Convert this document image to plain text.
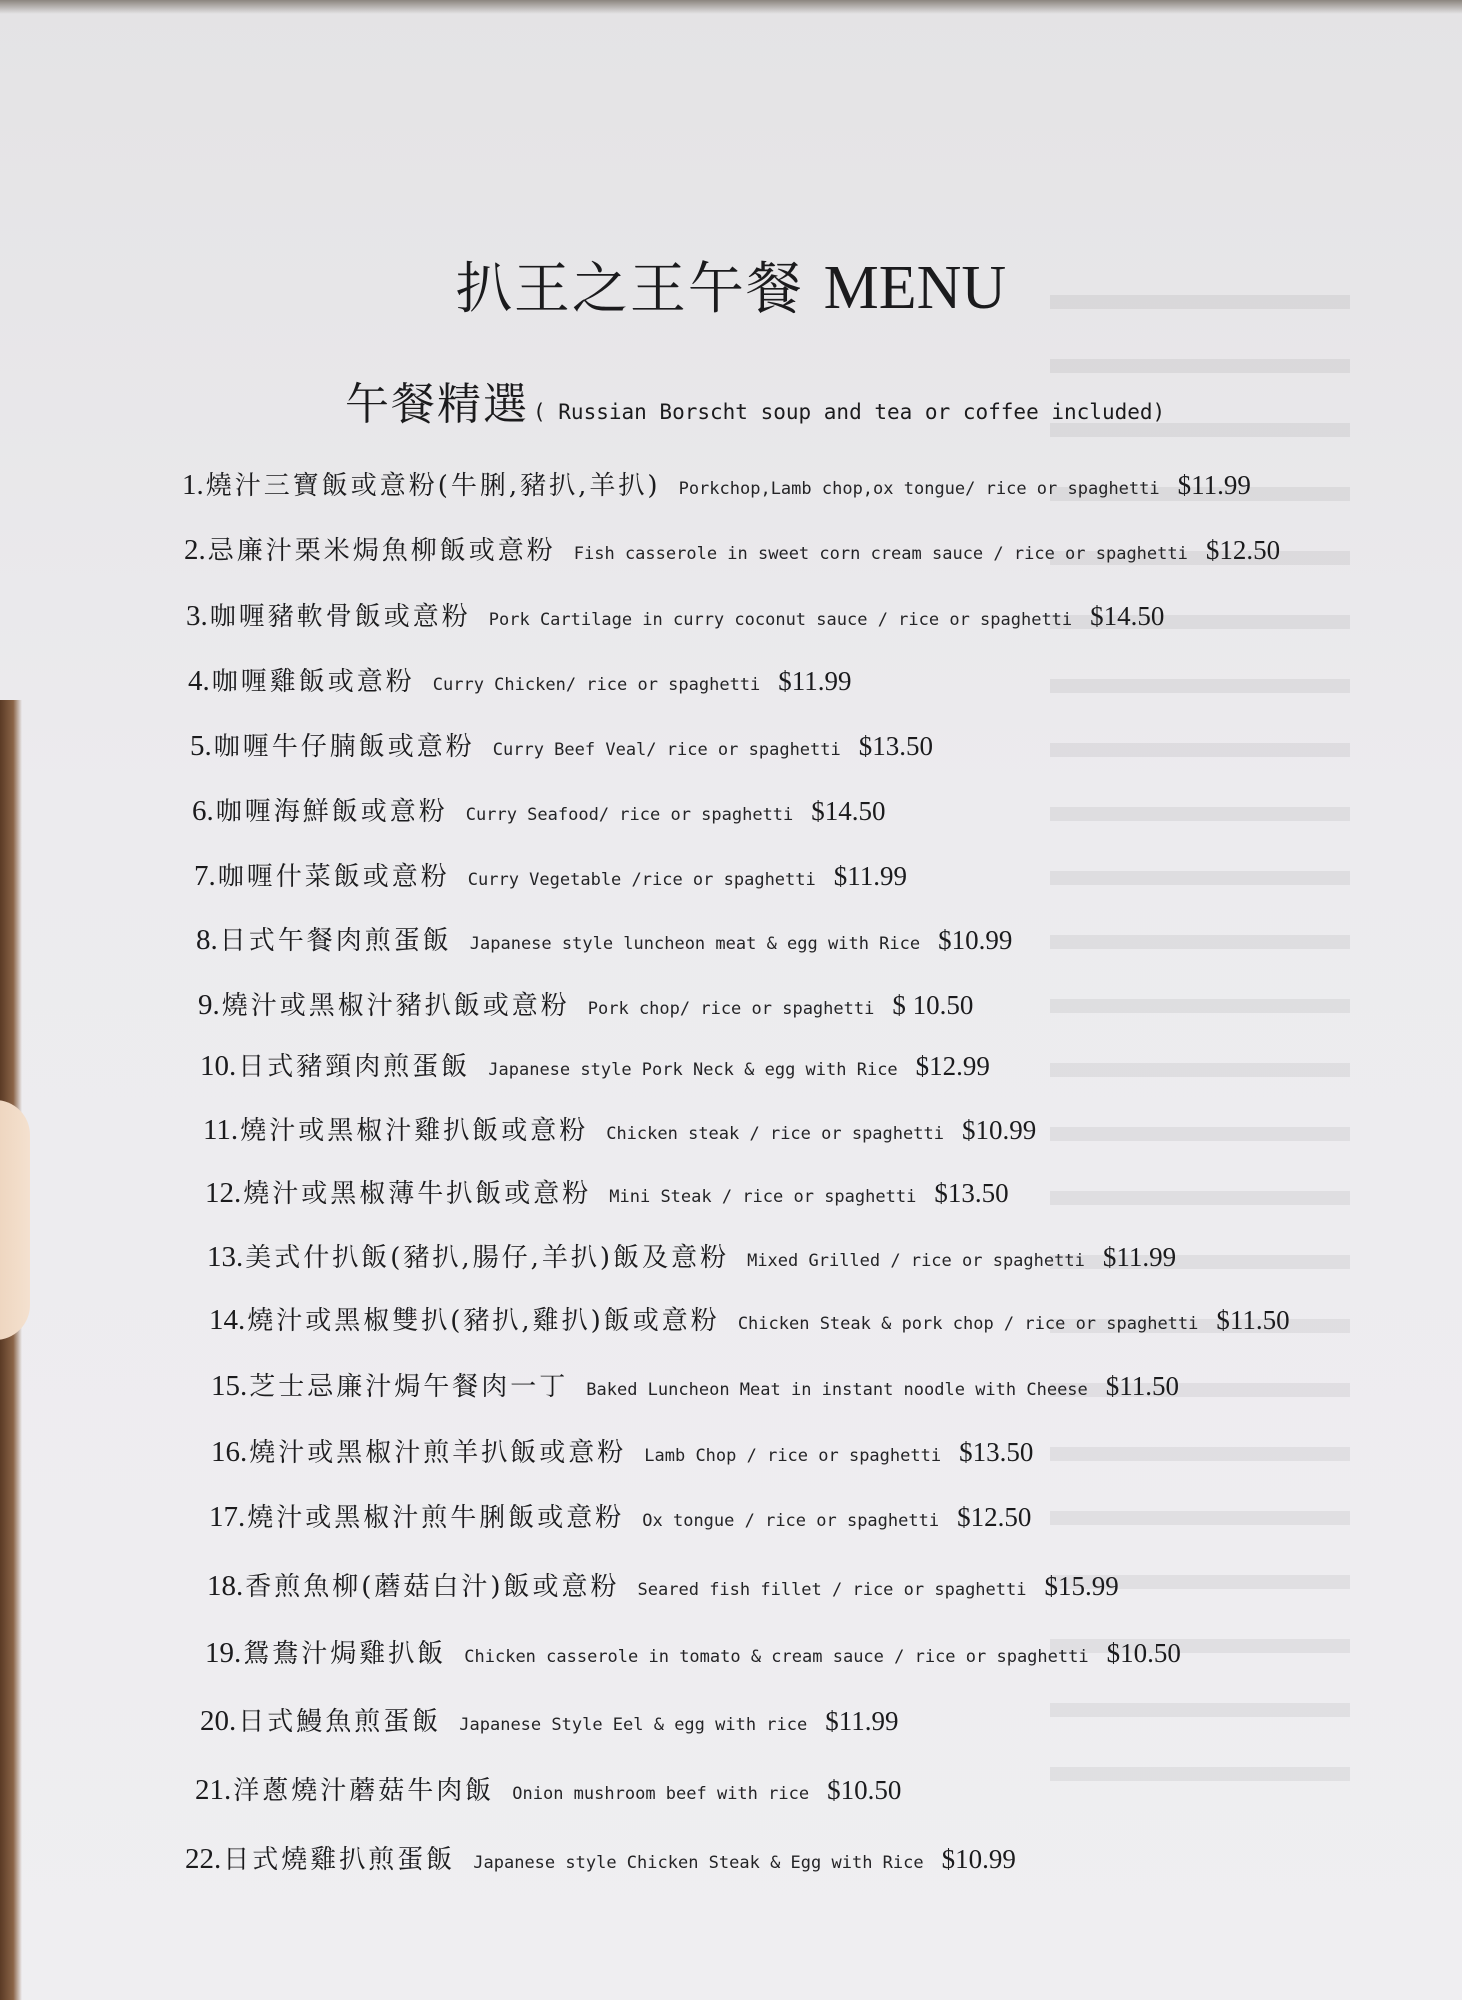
扒王之王午餐 MENU
午餐精選 ( Russian Borscht soup and tea or coffee included)
1. 燒汁三寶飯或意粉(牛脷,豬扒,羊扒) Porkchop,Lamb chop,ox tongue/ rice or spaghetti $11.99
2. 忌廉汁栗米焗魚柳飯或意粉 Fish casserole in sweet corn cream sauce / rice or spaghetti $12.50
3. 咖喱豬軟骨飯或意粉 Pork Cartilage in curry coconut sauce / rice or spaghetti $14.50
4. 咖喱雞飯或意粉 Curry Chicken/ rice or spaghetti $11.99
5. 咖喱牛仔腩飯或意粉 Curry Beef Veal/ rice or spaghetti $13.50
6. 咖喱海鮮飯或意粉 Curry Seafood/ rice or spaghetti $14.50
7. 咖喱什菜飯或意粉 Curry Vegetable /rice or spaghetti $11.99
8. 日式午餐肉煎蛋飯 Japanese style luncheon meat & egg with Rice $10.99
9. 燒汁或黑椒汁豬扒飯或意粉 Pork chop/ rice or spaghetti $ 10.50
10. 日式豬頸肉煎蛋飯 Japanese style Pork Neck & egg with Rice $12.99
11. 燒汁或黑椒汁雞扒飯或意粉 Chicken steak / rice or spaghetti $10.99
12. 燒汁或黑椒薄牛扒飯或意粉 Mini Steak / rice or spaghetti $13.50
13. 美式什扒飯(豬扒,腸仔,羊扒)飯及意粉 Mixed Grilled / rice or spaghetti $11.99
14. 燒汁或黑椒雙扒(豬扒,雞扒)飯或意粉 Chicken Steak & pork chop / rice or spaghetti $11.50
15. 芝士忌廉汁焗午餐肉一丁 Baked Luncheon Meat in instant noodle with Cheese $11.50
16. 燒汁或黑椒汁煎羊扒飯或意粉 Lamb Chop / rice or spaghetti $13.50
17. 燒汁或黑椒汁煎牛脷飯或意粉 Ox tongue / rice or spaghetti $12.50
18. 香煎魚柳(蘑菇白汁)飯或意粉 Seared fish fillet / rice or spaghetti $15.99
19. 鴛鴦汁焗雞扒飯 Chicken casserole in tomato & cream sauce / rice or spaghetti $10.50
20. 日式鰻魚煎蛋飯 Japanese Style Eel & egg with rice $11.99
21. 洋蔥燒汁蘑菇牛肉飯 Onion mushroom beef with rice $10.50
22. 日式燒雞扒煎蛋飯 Japanese style Chicken Steak & Egg with Rice $10.99
